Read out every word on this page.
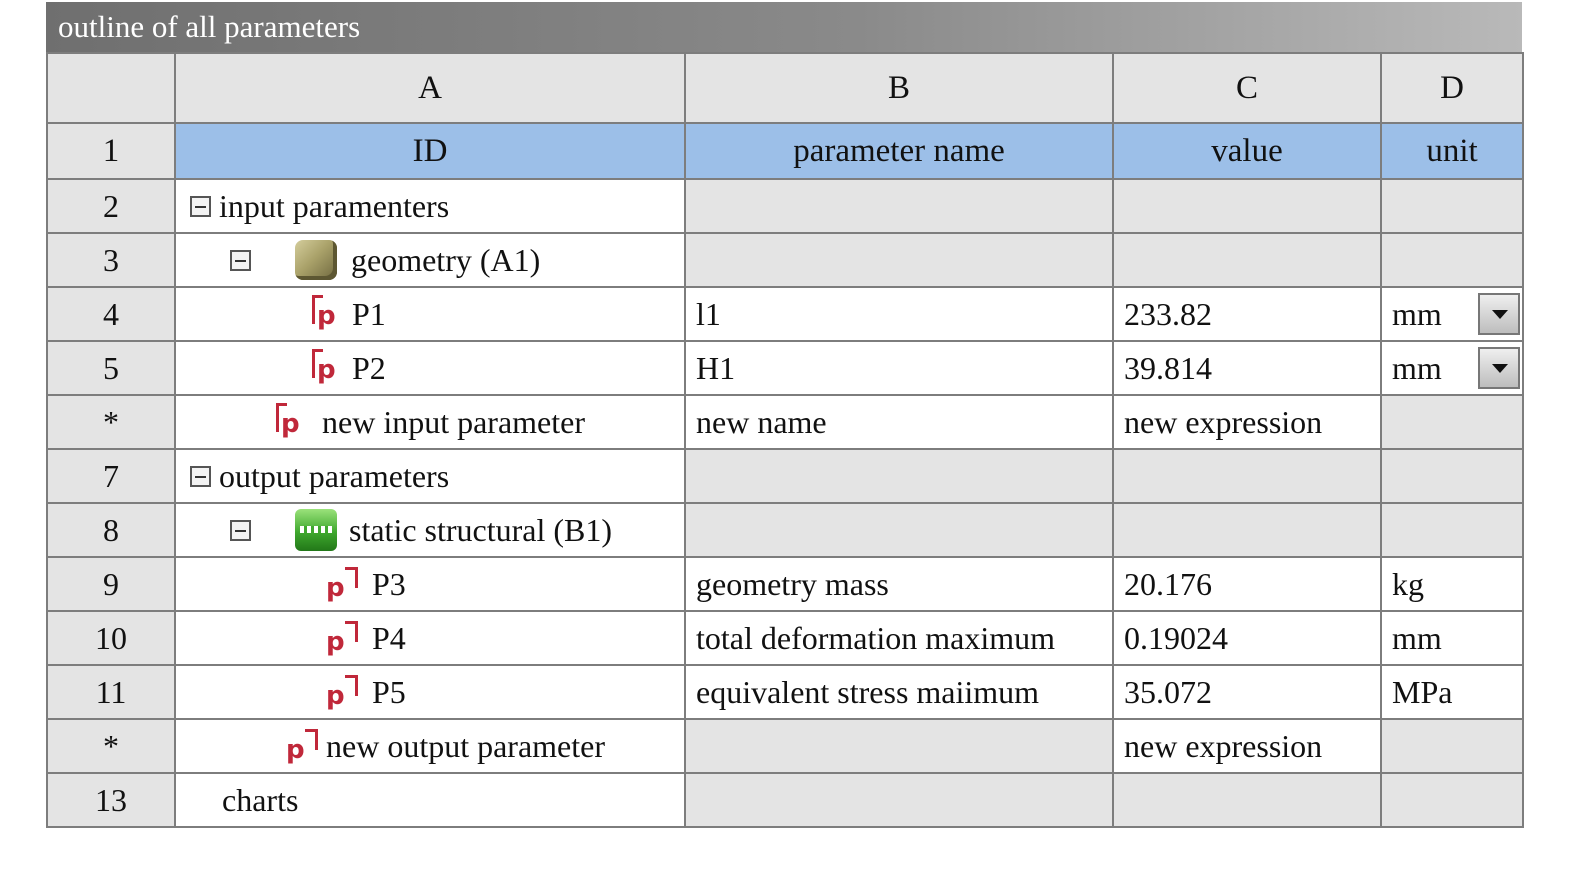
outline of all parameters
	A	B	C	D
1	ID	parameter name	value	unit
2	input paramenters			

3	geometry (A1)			

4	p P1	l1	233.82	mm

5	p P2	H1	39.814	mm

*	p new input parameter	new name	new expression	
7	output parameters			

8	static structural (B1)			

9	p P3	geometry mass	20.176	kg
10	p P4	total deformation maximum	0.19024	mm
11	p P5	equivalent stress maiimum	35.072	MPa
*	p new output parameter		new expression	
13	charts			
